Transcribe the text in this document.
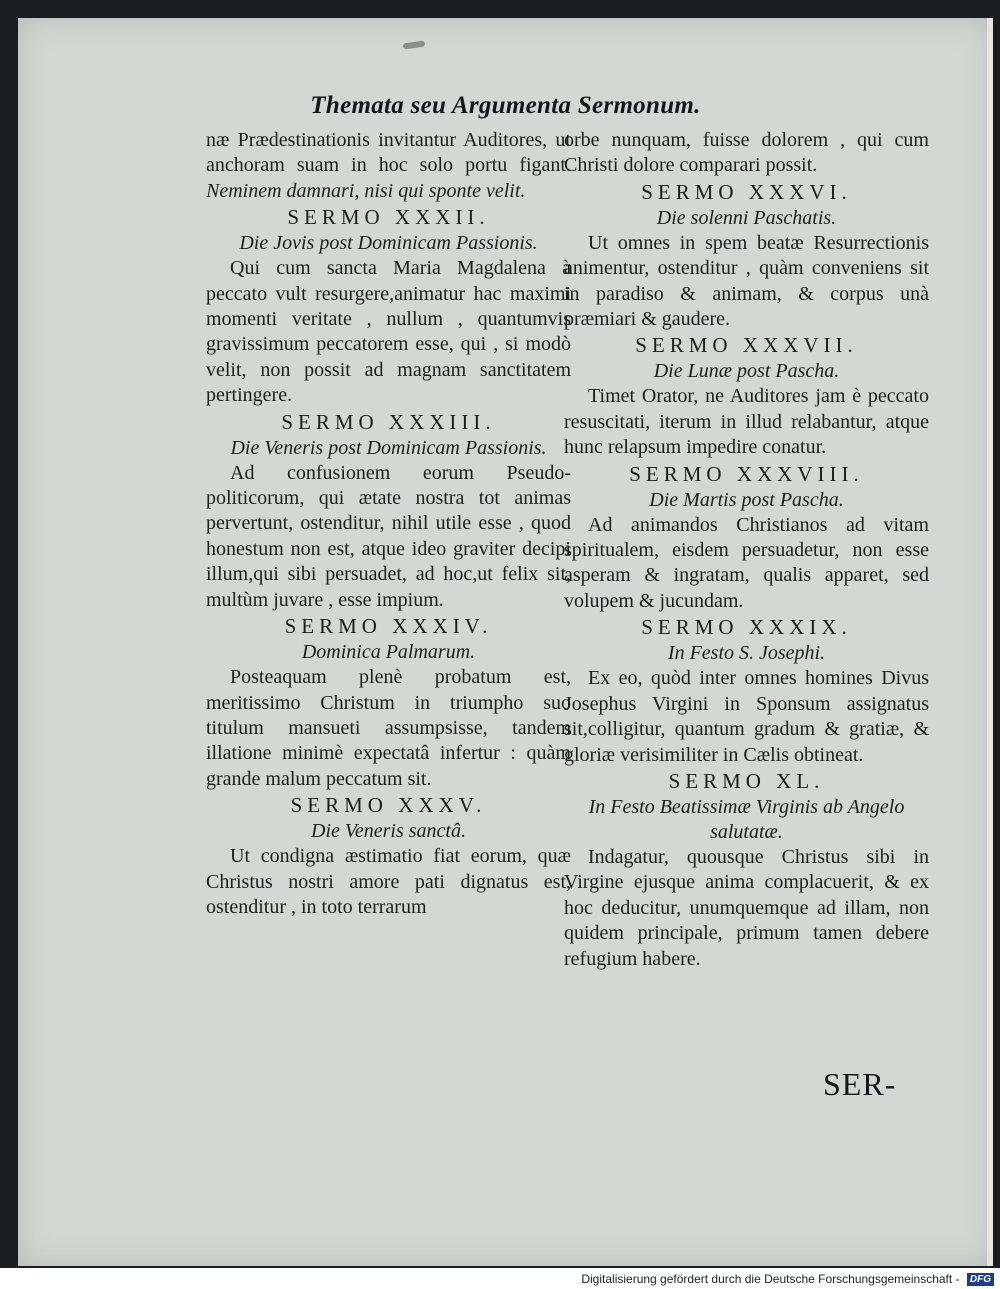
Themata seu Argumenta Sermonum.

næ Prædestinationis invitantur Auditores, ut anchoram suam in hoc solo portu figant. Neminem damnari, nisi qui sponte velit.

SERMO XXXII.

Die Jovis post Dominicam Passionis.

Qui cum sancta Maria Magdalena à peccato vult resurgere,animatur hac maximi momenti veritate , nullum , quantumvis gravissimum peccatorem esse, qui , si modò velit, non possit ad magnam sanctitatem pertingere.

SERMO XXXIII.

Die Veneris post Dominicam Passionis.

Ad confusionem eorum Pseudo-politicorum, qui ætate nostra tot animas pervertunt, ostenditur, nihil utile esse , quod honestum non est, atque ideo graviter decipi illum,qui sibi persuadet, ad hoc,ut felix sit, multùm juvare , esse impium.

SERMO XXXIV.

Dominica Palmarum.

Posteaquam plenè probatum est, meritissimo Christum in triumpho suo titulum mansueti assumpsisse, tandem illatione minimè expectatâ infertur : quàm grande malum peccatum sit.

SERMO XXXV.

Die Veneris sanctâ.

Ut condigna æstimatio fiat eorum, quæ Christus nostri amore pati dignatus est, ostenditur , in toto terrarum

orbe nunquam, fuisse dolorem , qui cum Christi dolore comparari possit.

SERMO XXXVI.

Die solenni Paschatis.

Ut omnes in spem beatæ Resurrectionis animentur, ostenditur , quàm conveniens sit in paradiso & animam, & corpus unà præmiari & gaudere.

SERMO XXXVII.

Die Lunæ post Pascha.

Timet Orator, ne Auditores jam è peccato resuscitati, iterum in illud relabantur, atque hunc relapsum impedire conatur.

SERMO XXXVIII.

Die Martis post Pascha.

Ad animandos Christianos ad vitam spiritualem, eisdem persuadetur, non esse asperam & ingratam, qualis apparet, sed volupem & jucundam.

SERMO XXXIX.

In Festo S. Josephi.

Ex eo, quòd inter omnes homines Divus Josephus Virgini in Sponsum assignatus sit,colligitur, quantum gradum & gratiæ, & gloriæ verisimiliter in Cælis obtineat.

SERMO XL.

In Festo Beatissimæ Virginis ab Angelo salutatæ.

Indagatur, quousque Christus sibi in Virgine ejusque anima complacuerit, & ex hoc deducitur, unumquemque ad illam, non quidem principale, primum tamen debere refugium habere.

SER-
Digitalisierung gefördert durch die Deutsche Forschungsgemeinschaft - DFG
